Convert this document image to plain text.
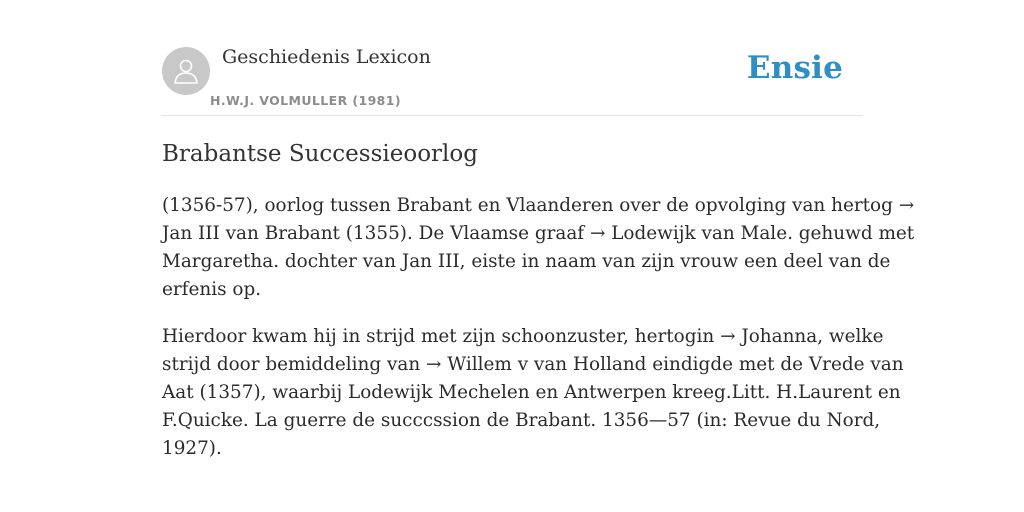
Geschiedenis Lexicon
H.W.J. VOLMULLER (1981)
Ensie
Brabantse Successieoorlog

(1356-57), oorlog tussen Brabant en Vlaanderen over de opvolging van hertog →
Jan III van Brabant (1355). De Vlaamse graaf → Lodewijk van Male. gehuwd met
Margaretha. dochter van Jan III, eiste in naam van zijn vrouw een deel van de
erfenis op.

Hierdoor kwam hij in strijd met zijn schoonzuster, hertogin → Johanna, welke
strijd door bemiddeling van → Willem v van Holland eindigde met de Vrede van
Aat (1357), waarbij Lodewijk Mechelen en Antwerpen kreeg.Litt. H.Laurent en
F.Quicke. La guerre de succcssion de Brabant. 1356—57 (in: Revue du Nord,
1927).
